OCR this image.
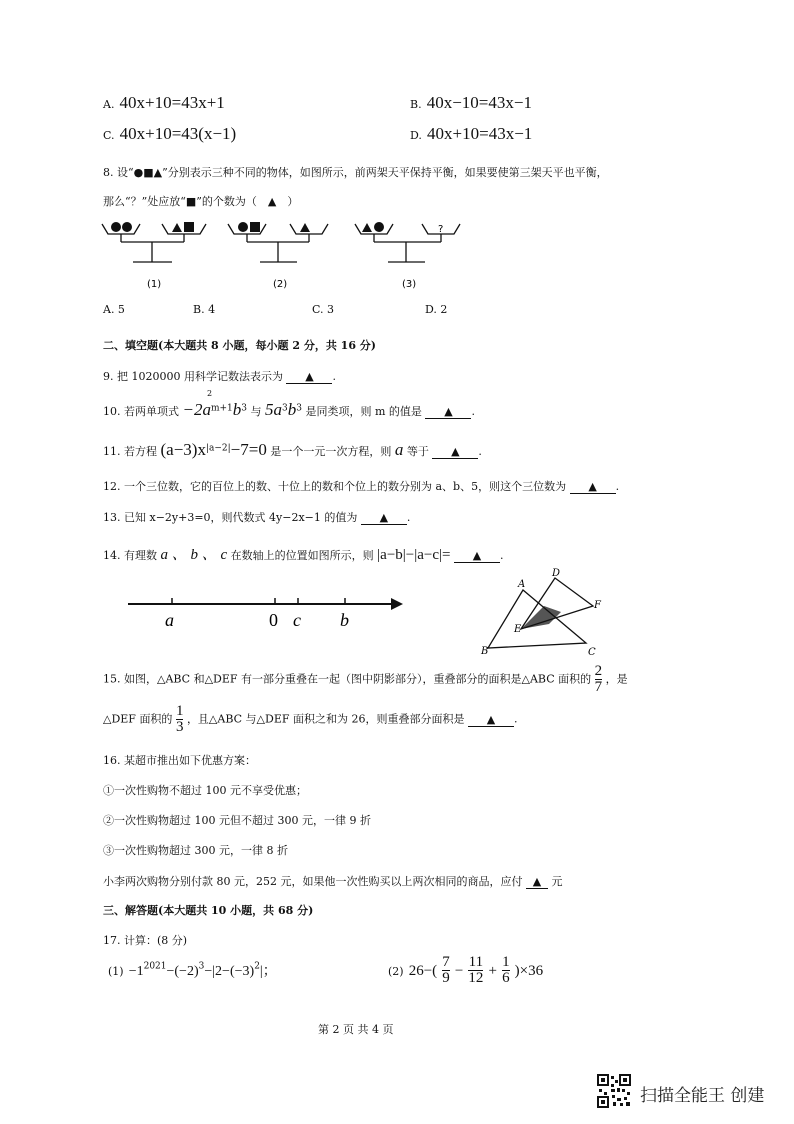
A. 40x+10=43x+1	B. 40x−10=43x−1
C. 40x+10=43(x−1)	D. 40x+10=43x−1
8. 设“●■▲”分别表示三种不同的物体，如图所示，前两架天平保持平衡，如果要使第三架天平也平衡，
那么“？”处应放“■”的个数为（　▲　）
?
(1)	(2)	(3)
A. 5	B. 4	C. 3	D. 2
二、填空题(本大题共 8 小题，每小题 2 分，共 16 分)
9. 把 1020000 用科学记数法表示为 ▲ .
2
10. 若两单项式 $-2a^{m+1}b^3$ 与 $5a^3b^3$ 是同类项，则 m 的值是 ▲ .
11. 若方程 $(a-3)x^{|a-2|}-7=0$ 是一个一元一次方程，则 a 等于 ▲ .
12. 一个三位数，它的百位上的数、十位上的数和个位上的数分别为 a、b、5，则这个三位数为 ▲ .
13. 已知 x−2y+3=0，则代数式 4y−2x−1 的值为 ▲ .
14. 有理数 a 、 b 、 c 在数轴上的位置如图所示，则 |a−b|−|a−c|= ▲ .
a	0 c b
A
D
F
E
B	C
15. 如图，△ABC 和△DEF 有一部分重叠在一起（图中阴影部分），重叠部分的面积是△ABC 面积的 $\frac{2}{7}$ ，是
△DEF 面积的 $\frac{1}{3}$ ，且△ABC 与△DEF 面积之和为 26，则重叠部分面积是 ▲ .
16. 某超市推出如下优惠方案：
①一次性购物不超过 100 元不享受优惠；
②一次性购物超过 100 元但不超过 300 元，一律 9 折
③一次性购物超过 300 元，一律 8 折
小李两次购物分别付款 80 元，252 元，如果他一次性购买以上两次相同的商品，应付 ▲ 元
三、解答题(本大题共 10 小题，共 68 分)
17. 计算：(8 分)
$(1) -1^{2021}-(-2)^3-|2-(-3)^2|$；	(2) $26-( \frac{7}{9} - \frac{11}{12} + \frac{1}{6} )\times 36$
第 2 页 共 4 页
扫描全能王 创建
